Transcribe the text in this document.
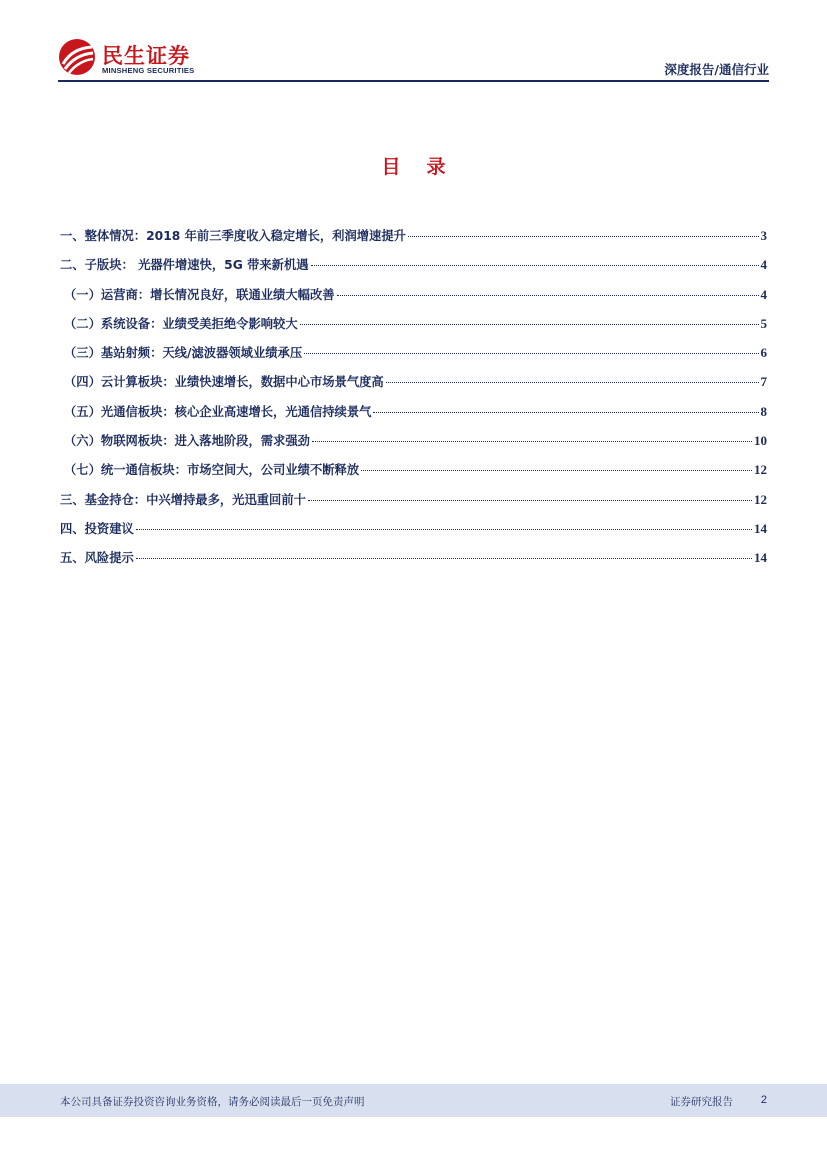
民生证券
MINSHENG SECURITIES	深度报告/通信行业
目录
一、整体情况：2018 年前三季度收入稳定增长，利润增速提升	3
二、子版块： 光器件增速快，5G 带来新机遇	4
（一）运营商：增长情况良好，联通业绩大幅改善	4
（二）系统设备：业绩受美拒绝令影响较大	5
（三）基站射频：天线/滤波器领域业绩承压	6
（四）云计算板块：业绩快速增长，数据中心市场景气度高	7
（五）光通信板块：核心企业高速增长，光通信持续景气	8
（六）物联网板块：进入落地阶段，需求强劲	10
（七）统一通信板块：市场空间大，公司业绩不断释放	12
三、基金持仓：中兴增持最多，光迅重回前十	12
四、投资建议	14
五、风险提示	14
本公司具备证券投资咨询业务资格，请务必阅读最后一页免责声明	证券研究报告	2
